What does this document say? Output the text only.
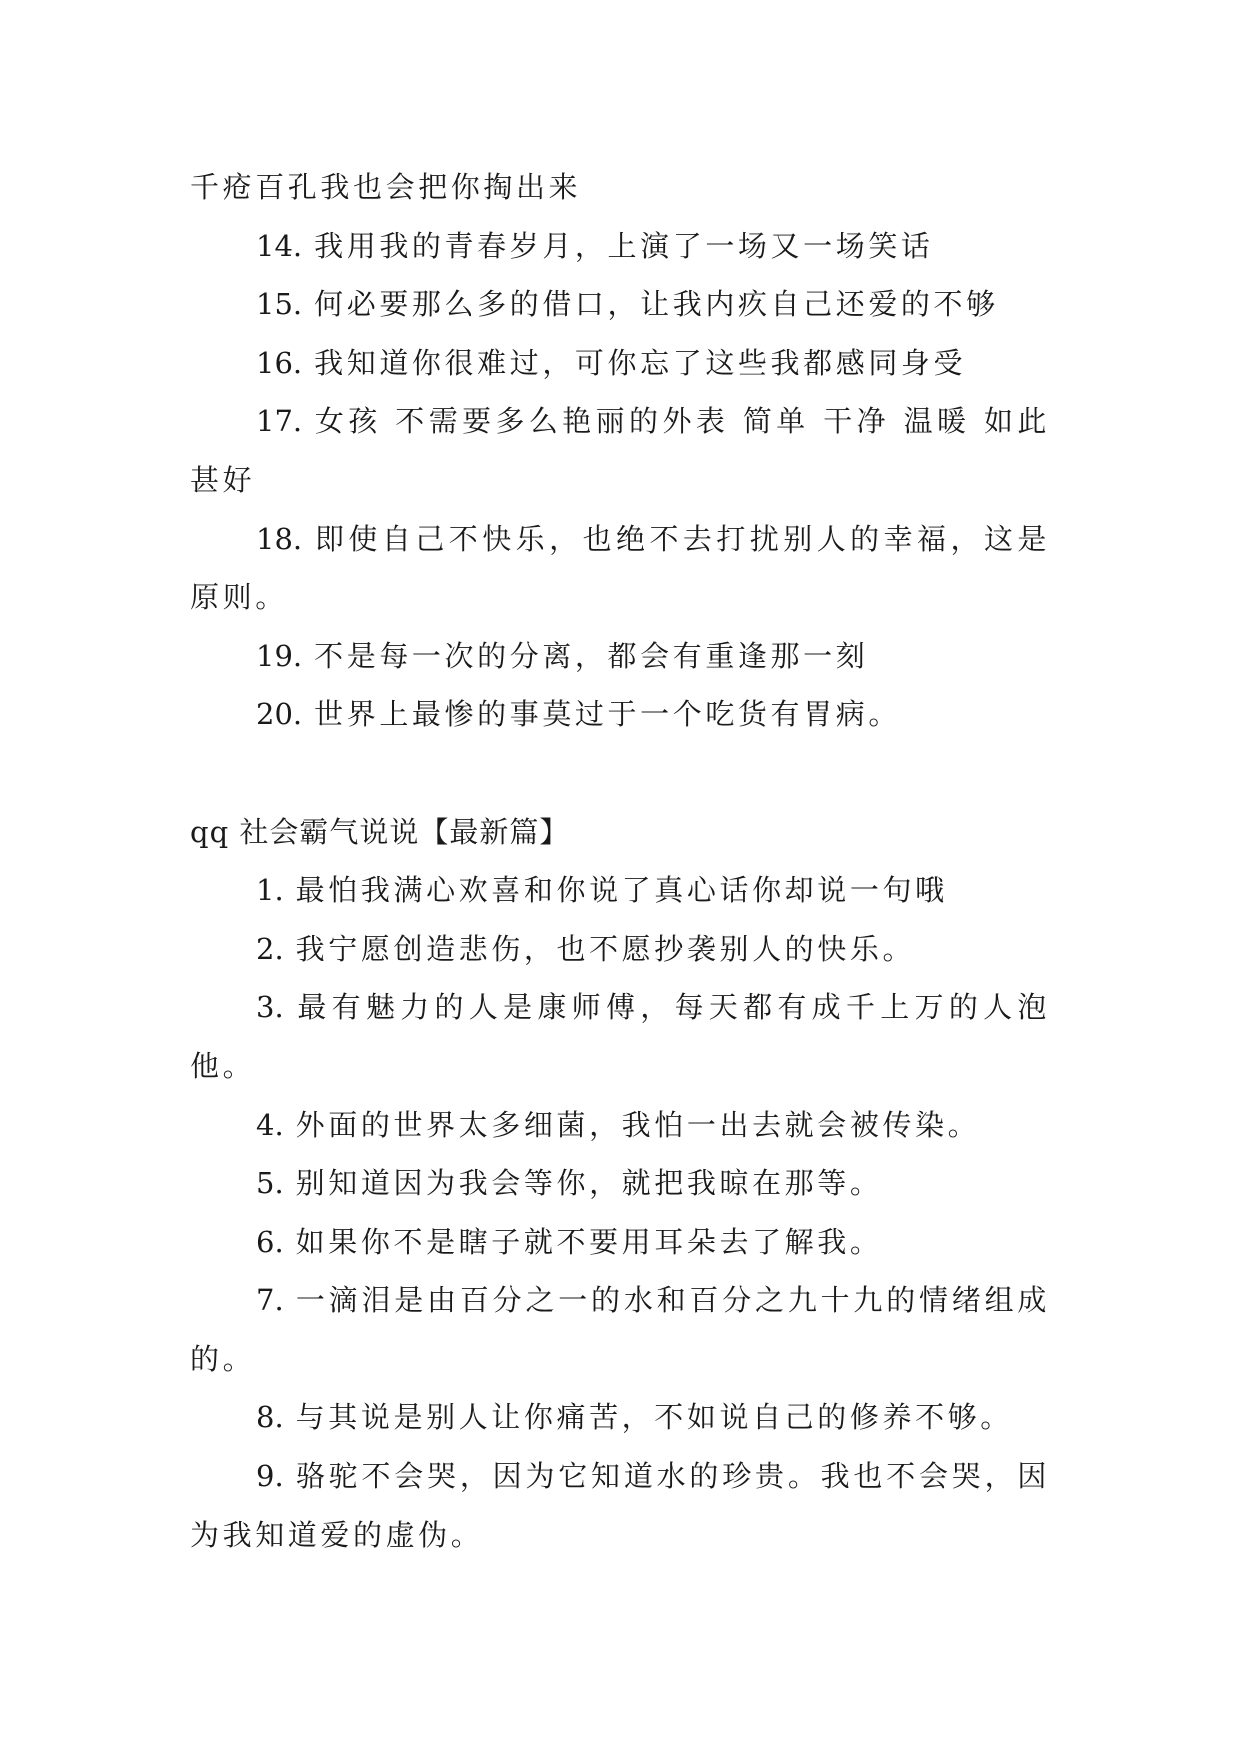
千疮百孔我也会把你掏出来

14. 我用我的青春岁月，上演了一场又一场笑话

15. 何必要那么多的借口，让我内疚自己还爱的不够

16. 我知道你很难过，可你忘了这些我都感同身受

17. 女孩 不需要多么艳丽的外表 简单 干净 温暖 如此甚好

18. 即使自己不快乐，也绝不去打扰别人的幸福，这是原则。

19. 不是每一次的分离，都会有重逢那一刻

20. 世界上最惨的事莫过于一个吃货有胃病。

qq 社会霸气说说【最新篇】

1. 最怕我满心欢喜和你说了真心话你却说一句哦

2. 我宁愿创造悲伤，也不愿抄袭别人的快乐。

3. 最有魅力的人是康师傅，每天都有成千上万的人泡他。

4. 外面的世界太多细菌，我怕一出去就会被传染。

5. 别知道因为我会等你，就把我晾在那等。

6. 如果你不是瞎子就不要用耳朵去了解我。

7. 一滴泪是由百分之一的水和百分之九十九的情绪组成的。

8. 与其说是别人让你痛苦，不如说自己的修养不够。

9. 骆驼不会哭，因为它知道水的珍贵。我也不会哭，因为我知道爱的虚伪。
